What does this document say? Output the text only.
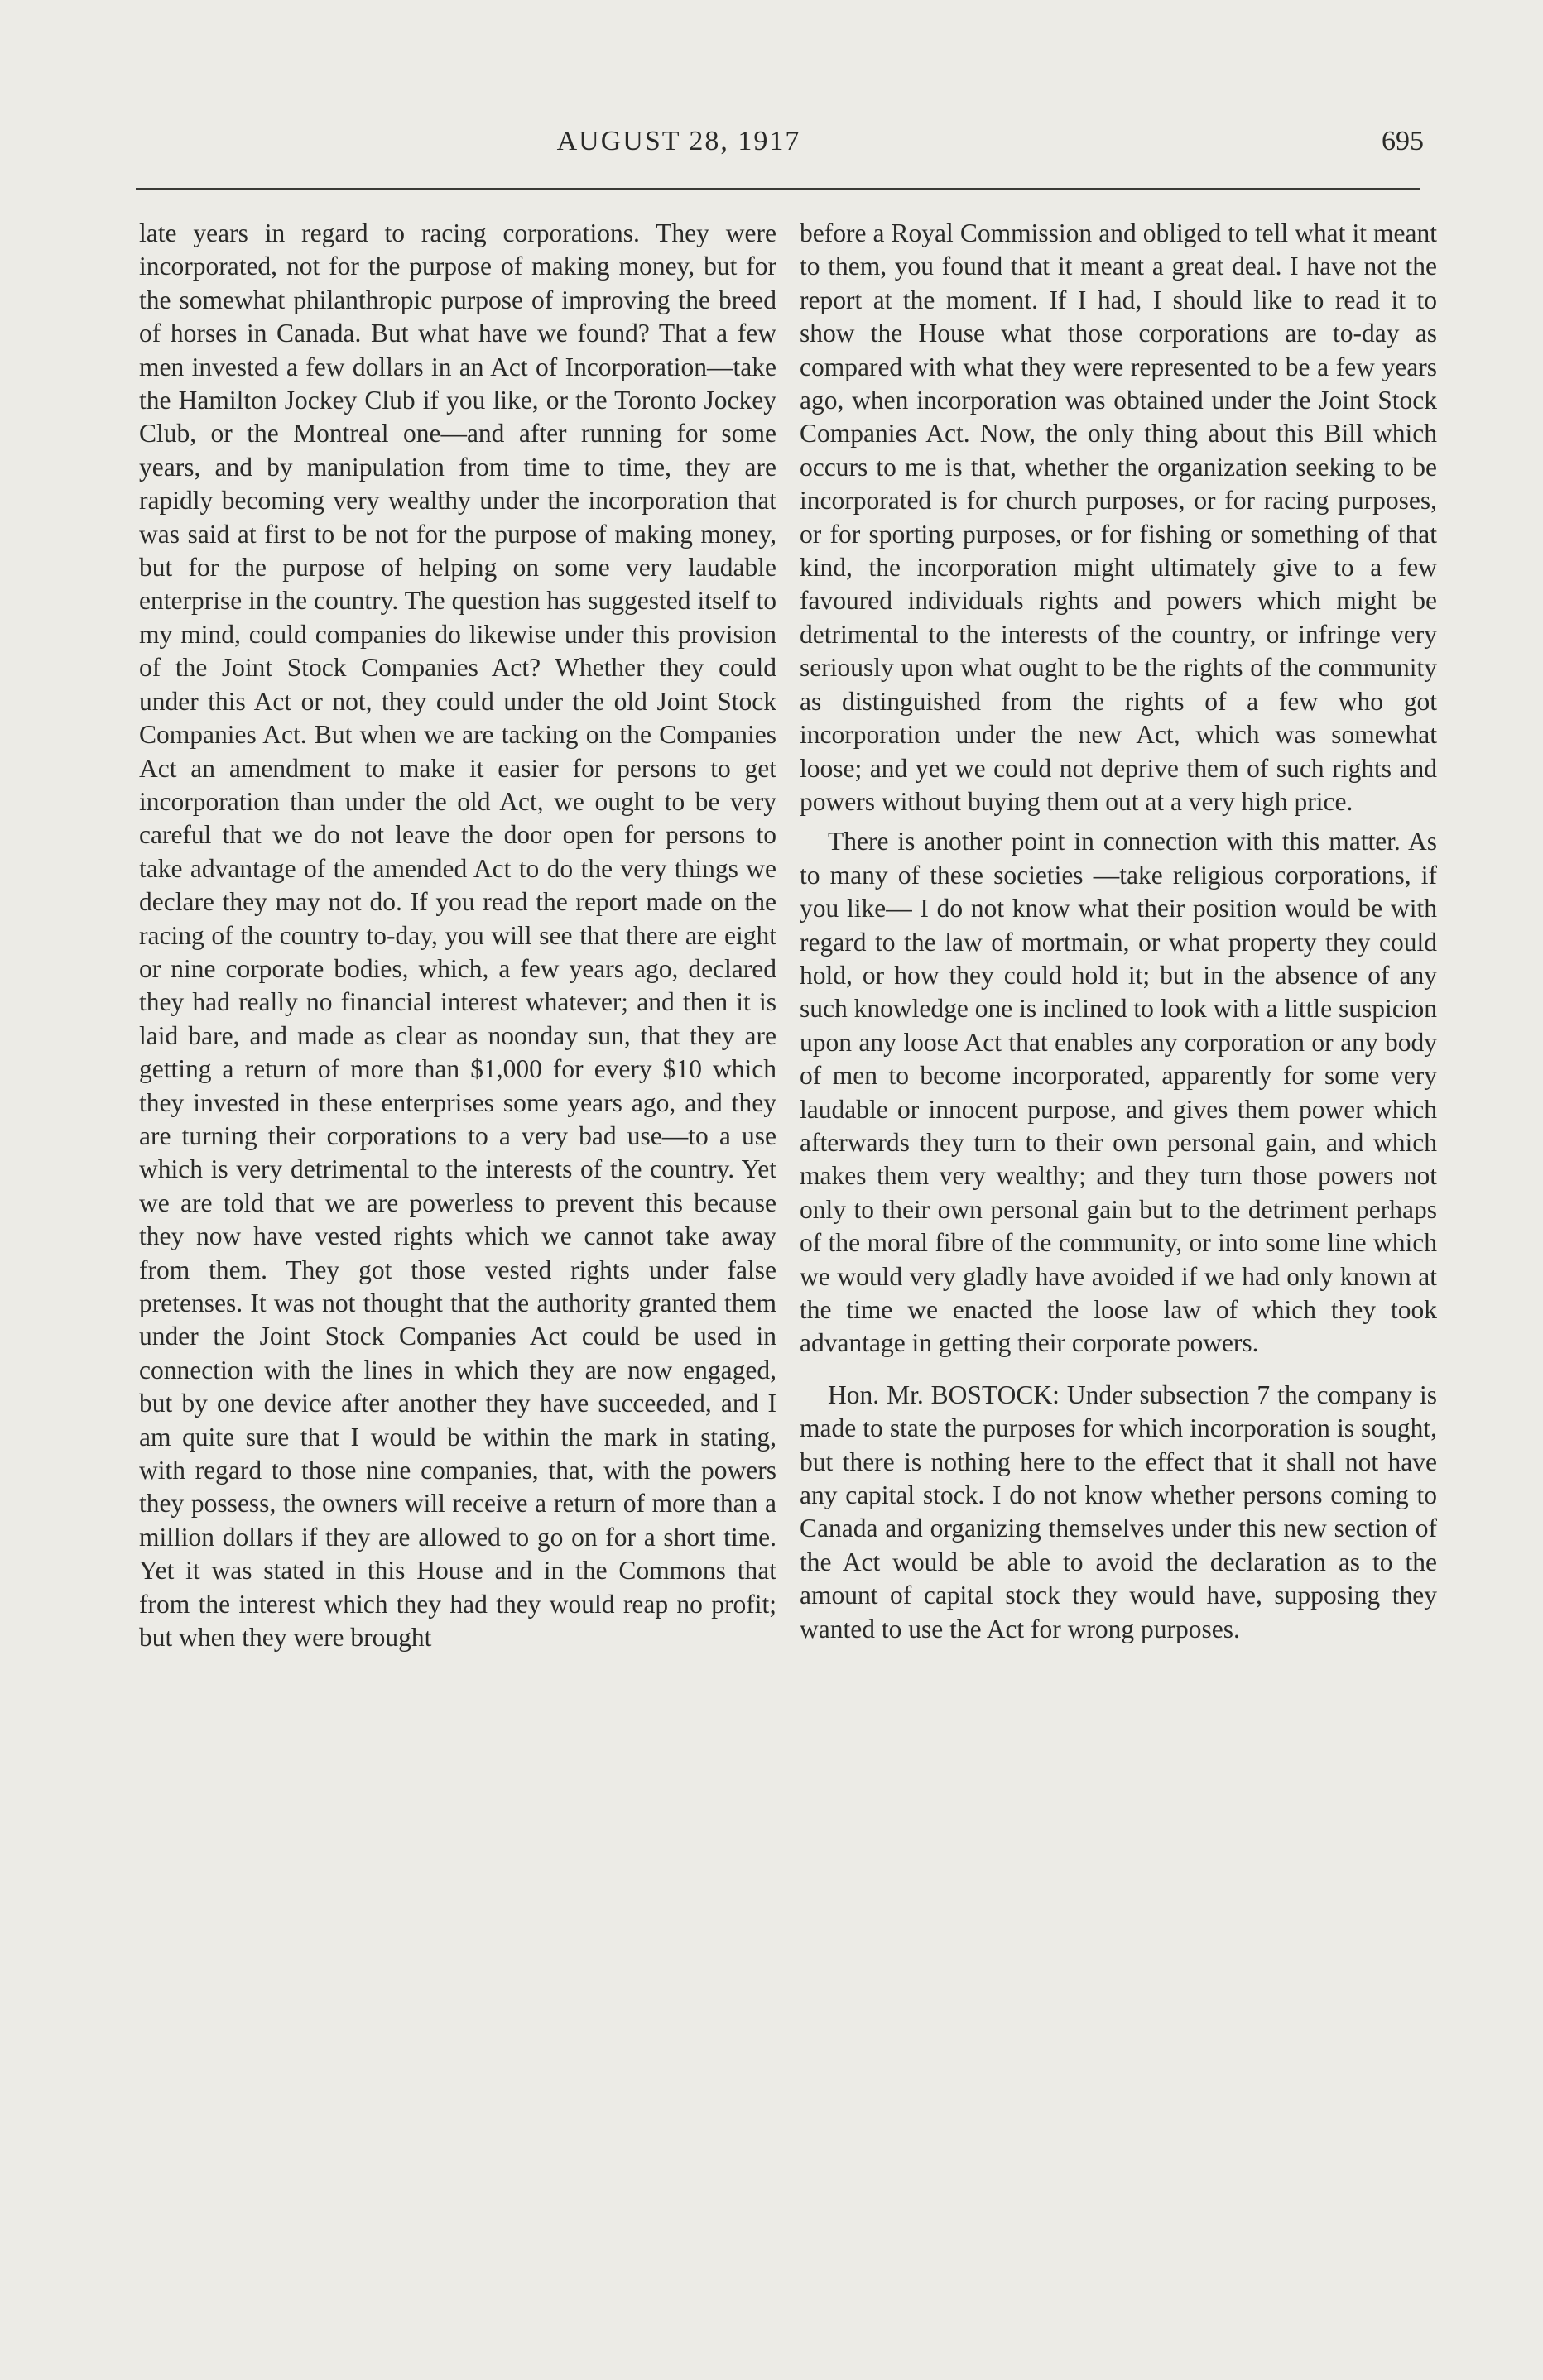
AUGUST 28, 1917	695

late years in regard to racing corporations. They were incorporated, not for the purpose of making money, but for the somewhat philanthropic purpose of improving the breed of horses in Canada. But what have we found? That a few men invested a few dollars in an Act of Incorporation—take the Hamilton Jockey Club if you like, or the Toronto Jockey Club, or the Montreal one—and after running for some years, and by manipulation from time to time, they are rapidly becoming very wealthy under the incorporation that was said at first to be not for the purpose of making money, but for the purpose of helping on some very laudable enterprise in the country. The question has suggested itself to my mind, could companies do likewise under this provision of the Joint Stock Companies Act? Whether they could under this Act or not, they could under the old Joint Stock Companies Act. But when we are tacking on the Companies Act an amendment to make it easier for persons to get incorporation than under the old Act, we ought to be very careful that we do not leave the door open for persons to take advantage of the amended Act to do the very things we declare they may not do. If you read the report made on the racing of the country to-day, you will see that there are eight or nine corporate bodies, which, a few years ago, declared they had really no financial interest whatever; and then it is laid bare, and made as clear as noonday sun, that they are getting a return of more than $1,000 for every $10 which they invested in these enterprises some years ago, and they are turning their corporations to a very bad use—to a use which is very detrimental to the interests of the country. Yet we are told that we are powerless to prevent this because they now have vested rights which we cannot take away from them. They got those vested rights under false pretenses. It was not thought that the authority granted them under the Joint Stock Companies Act could be used in connection with the lines in which they are now engaged, but by one device after another they have succeeded, and I am quite sure that I would be within the mark in stating, with regard to those nine companies, that, with the powers they possess, the owners will receive a return of more than a million dollars if they are allowed to go on for a short time. Yet it was stated in this House and in the Commons that from the interest which they had they would reap no profit; but when they were brought

before a Royal Commission and obliged to tell what it meant to them, you found that it meant a great deal. I have not the report at the moment. If I had, I should like to read it to show the House what those corporations are to-day as compared with what they were represented to be a few years ago, when incorporation was obtained under the Joint Stock Companies Act. Now, the only thing about this Bill which occurs to me is that, whether the organization seeking to be incorporated is for church purposes, or for racing purposes, or for sporting purposes, or for fishing or something of that kind, the incorporation might ultimately give to a few favoured individuals rights and powers which might be detrimental to the interests of the country, or infringe very seriously upon what ought to be the rights of the community as distinguished from the rights of a few who got incorporation under the new Act, which was somewhat loose; and yet we could not deprive them of such rights and powers without buying them out at a very high price.

There is another point in connection with this matter. As to many of these societies —take religious corporations, if you like— I do not know what their position would be with regard to the law of mortmain, or what property they could hold, or how they could hold it; but in the absence of any such knowledge one is inclined to look with a little suspicion upon any loose Act that enables any corporation or any body of men to become incorporated, apparently for some very laudable or innocent purpose, and gives them power which afterwards they turn to their own personal gain, and which makes them very wealthy; and they turn those powers not only to their own personal gain but to the detriment perhaps of the moral fibre of the community, or into some line which we would very gladly have avoided if we had only known at the time we enacted the loose law of which they took advantage in getting their corporate powers.

Hon. Mr. BOSTOCK: Under subsection 7 the company is made to state the purposes for which incorporation is sought, but there is nothing here to the effect that it shall not have any capital stock. I do not know whether persons coming to Canada and organizing themselves under this new section of the Act would be able to avoid the declaration as to the amount of capital stock they would have, supposing they wanted to use the Act for wrong purposes.
